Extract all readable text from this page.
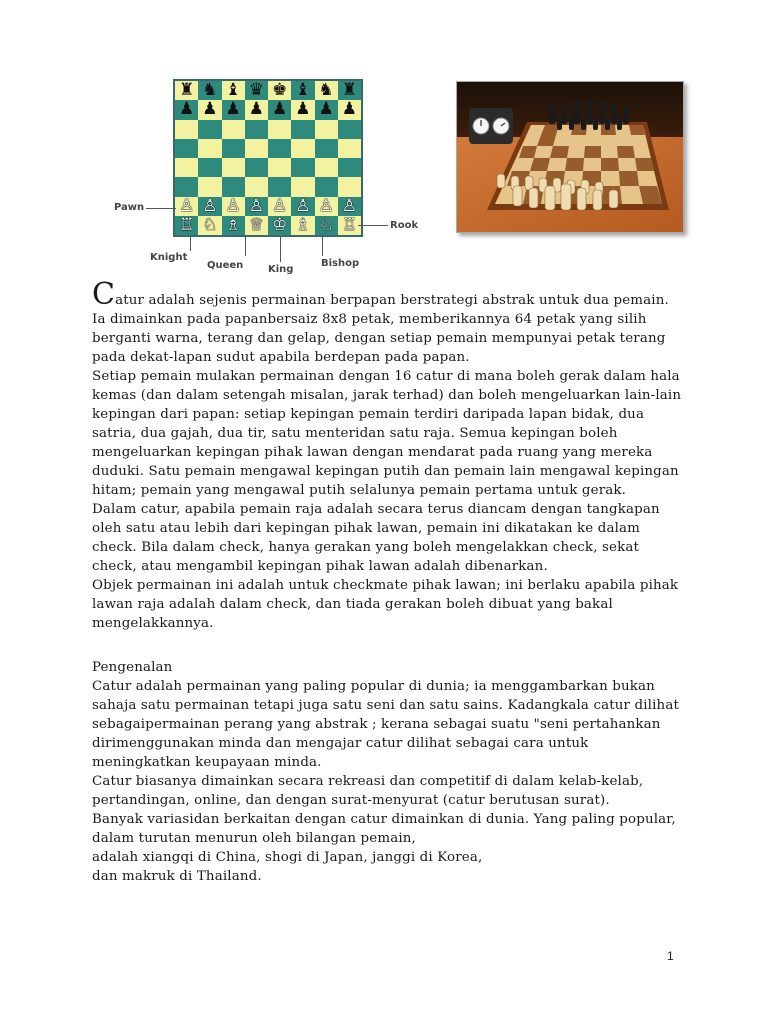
♜ ♞ ♝ ♛ ♚ ♝ ♞ ♜
♟ ♟ ♟ ♟ ♟ ♟ ♟ ♟
♙ ♙ ♙ ♙ ♙ ♙ ♙ ♙
♖ ♘ ♗ ♕ ♔ ♗ ♘ ♖
Pawn
Rook
Knight
Queen King
Bishop

Catur adalah sejenis permainan berpapan berstrategi abstrak untuk dua pemain. Ia dimainkan pada papanbersaiz 8x8 petak, memberikannya 64 petak yang silih berganti warna, terang dan gelap, dengan setiap pemain mempunyai petak terang pada dekat-lapan sudut apabila berdepan pada papan.

Setiap pemain mulakan permainan dengan 16 catur di mana boleh gerak dalam hala kemas (dan dalam setengah misalan, jarak terhad) dan boleh mengeluarkan lain-lain kepingan dari papan: setiap kepingan pemain terdiri daripada lapan bidak, dua satria, dua gajah, dua tir, satu menteridan satu raja. Semua kepingan boleh mengeluarkan kepingan pihak lawan dengan mendarat pada ruang yang mereka duduki. Satu pemain mengawal kepingan putih dan pemain lain mengawal kepingan hitam; pemain yang mengawal putih selalunya pemain pertama untuk gerak.

Dalam catur, apabila pemain raja adalah secara terus diancam dengan tangkapan oleh satu atau lebih dari kepingan pihak lawan, pemain ini dikatakan ke dalam check. Bila dalam check, hanya gerakan yang boleh mengelakkan check, sekat check, atau mengambil kepingan pihak lawan adalah dibenarkan.

Objek permainan ini adalah untuk checkmate pihak lawan; ini berlaku apabila pihak lawan raja adalah dalam check, dan tiada gerakan boleh dibuat yang bakal mengelakkannya.

Pengenalan

Catur adalah permainan yang paling popular di dunia; ia menggambarkan bukan sahaja satu permainan tetapi juga satu seni dan satu sains. Kadangkala catur dilihat sebagaipermainan perang yang abstrak ; kerana sebagai suatu "seni pertahankan dirimenggunakan minda dan mengajar catur dilihat sebagai cara untuk meningkatkan keupayaan minda.

Catur biasanya dimainkan secara rekreasi dan competitif di dalam kelab-kelab, pertandingan, online, dan dengan surat-menyurat (catur berutusan surat).

Banyak variasidan berkaitan dengan catur dimainkan di dunia. Yang paling popular, dalam turutan menurun oleh bilangan pemain,

adalah xiangqi di China, shogi di Japan, janggi di Korea,

dan makruk di Thailand.

1
